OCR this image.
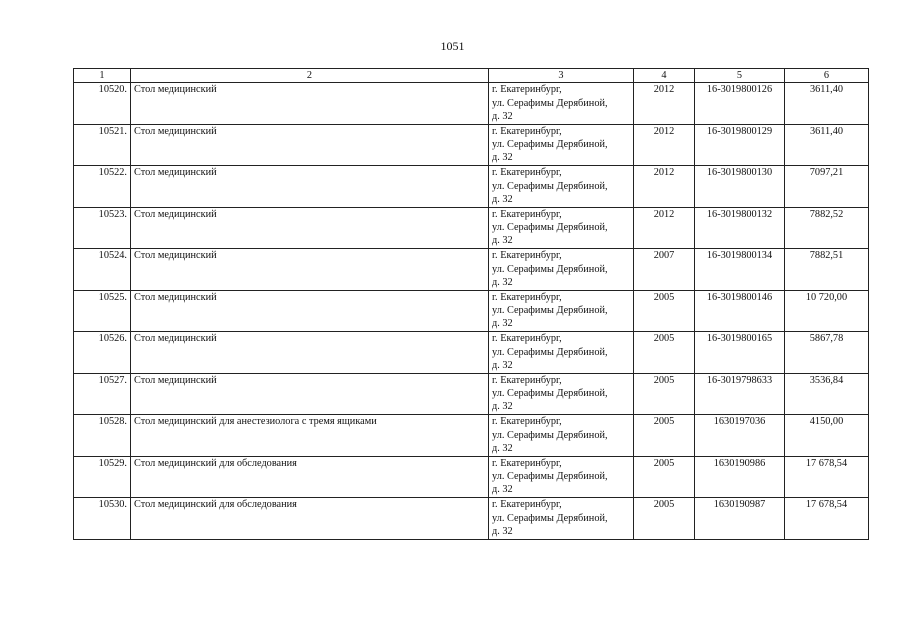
1051
1	2	3	4	5	6
10520.	Стол медицинский	г. Екатеринбург,
ул. Серафимы Дерябиной,
д. 32	2012	16-3019800126	3611,40
10521.	Стол медицинский	г. Екатеринбург,
ул. Серафимы Дерябиной,
д. 32	2012	16-3019800129	3611,40
10522.	Стол медицинский	г. Екатеринбург,
ул. Серафимы Дерябиной,
д. 32	2012	16-3019800130	7097,21
10523.	Стол медицинский	г. Екатеринбург,
ул. Серафимы Дерябиной,
д. 32	2012	16-3019800132	7882,52
10524.	Стол медицинский	г. Екатеринбург,
ул. Серафимы Дерябиной,
д. 32	2007	16-3019800134	7882,51
10525.	Стол медицинский	г. Екатеринбург,
ул. Серафимы Дерябиной,
д. 32	2005	16-3019800146	10 720,00
10526.	Стол медицинский	г. Екатеринбург,
ул. Серафимы Дерябиной,
д. 32	2005	16-3019800165	5867,78
10527.	Стол медицинский	г. Екатеринбург,
ул. Серафимы Дерябиной,
д. 32	2005	16-3019798633	3536,84
10528.	Стол медицинский для анестезиолога с тремя ящиками	г. Екатеринбург,
ул. Серафимы Дерябиной,
д. 32	2005	1630197036	4150,00
10529.	Стол медицинский для обследования	г. Екатеринбург,
ул. Серафимы Дерябиной,
д. 32	2005	1630190986	17 678,54
10530.	Стол медицинский для обследования	г. Екатеринбург,
ул. Серафимы Дерябиной,
д. 32	2005	1630190987	17 678,54
